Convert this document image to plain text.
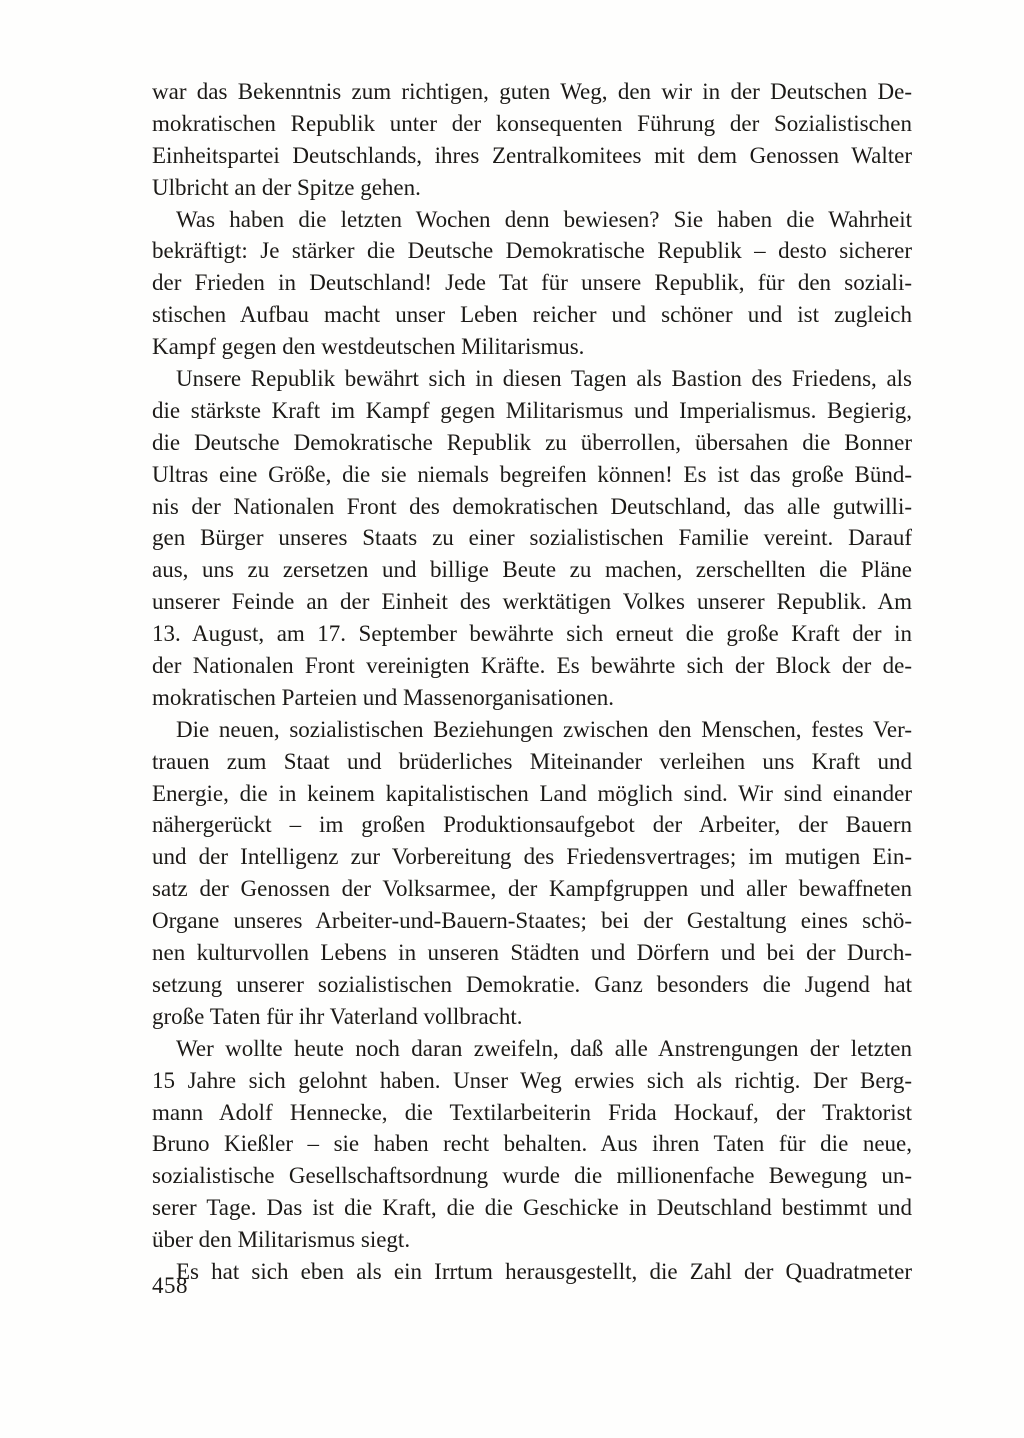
war das Bekenntnis zum richtigen, guten Weg, den wir in der Deutschen De-
mokratischen Republik unter der konsequenten Führung der Sozialistischen
Einheitspartei Deutschlands, ihres Zentralkomitees mit dem Genossen Walter
Ulbricht an der Spitze gehen.
Was haben die letzten Wochen denn bewiesen? Sie haben die Wahrheit
bekräftigt: Je stärker die Deutsche Demokratische Republik – desto sicherer
der Frieden in Deutschland! Jede Tat für unsere Republik, für den soziali-
stischen Aufbau macht unser Leben reicher und schöner und ist zugleich
Kampf gegen den westdeutschen Militarismus.
Unsere Republik bewährt sich in diesen Tagen als Bastion des Friedens, als
die stärkste Kraft im Kampf gegen Militarismus und Imperialismus. Begierig,
die Deutsche Demokratische Republik zu überrollen, übersahen die Bonner
Ultras eine Größe, die sie niemals begreifen können! Es ist das große Bünd-
nis der Nationalen Front des demokratischen Deutschland, das alle gutwilli-
gen Bürger unseres Staats zu einer sozialistischen Familie vereint. Darauf
aus, uns zu zersetzen und billige Beute zu machen, zerschellten die Pläne
unserer Feinde an der Einheit des werktätigen Volkes unserer Republik. Am
13. August, am 17. September bewährte sich erneut die große Kraft der in
der Nationalen Front vereinigten Kräfte. Es bewährte sich der Block der de-
mokratischen Parteien und Massenorganisationen.
Die neuen, sozialistischen Beziehungen zwischen den Menschen, festes Ver-
trauen zum Staat und brüderliches Miteinander verleihen uns Kraft und
Energie, die in keinem kapitalistischen Land möglich sind. Wir sind einander
nähergerückt – im großen Produktionsaufgebot der Arbeiter, der Bauern
und der Intelligenz zur Vorbereitung des Friedensvertrages; im mutigen Ein-
satz der Genossen der Volksarmee, der Kampfgruppen und aller bewaffneten
Organe unseres Arbeiter-und-Bauern-Staates; bei der Gestaltung eines schö-
nen kulturvollen Lebens in unseren Städten und Dörfern und bei der Durch-
setzung unserer sozialistischen Demokratie. Ganz besonders die Jugend hat
große Taten für ihr Vaterland vollbracht.
Wer wollte heute noch daran zweifeln, daß alle Anstrengungen der letzten
15 Jahre sich gelohnt haben. Unser Weg erwies sich als richtig. Der Berg-
mann Adolf Hennecke, die Textilarbeiterin Frida Hockauf, der Traktorist
Bruno Kießler – sie haben recht behalten. Aus ihren Taten für die neue,
sozialistische Gesellschaftsordnung wurde die millionenfache Bewegung un-
serer Tage. Das ist die Kraft, die die Geschicke in Deutschland bestimmt und
über den Militarismus siegt.
Es hat sich eben als ein Irrtum herausgestellt, die Zahl der Quadratmeter
458
